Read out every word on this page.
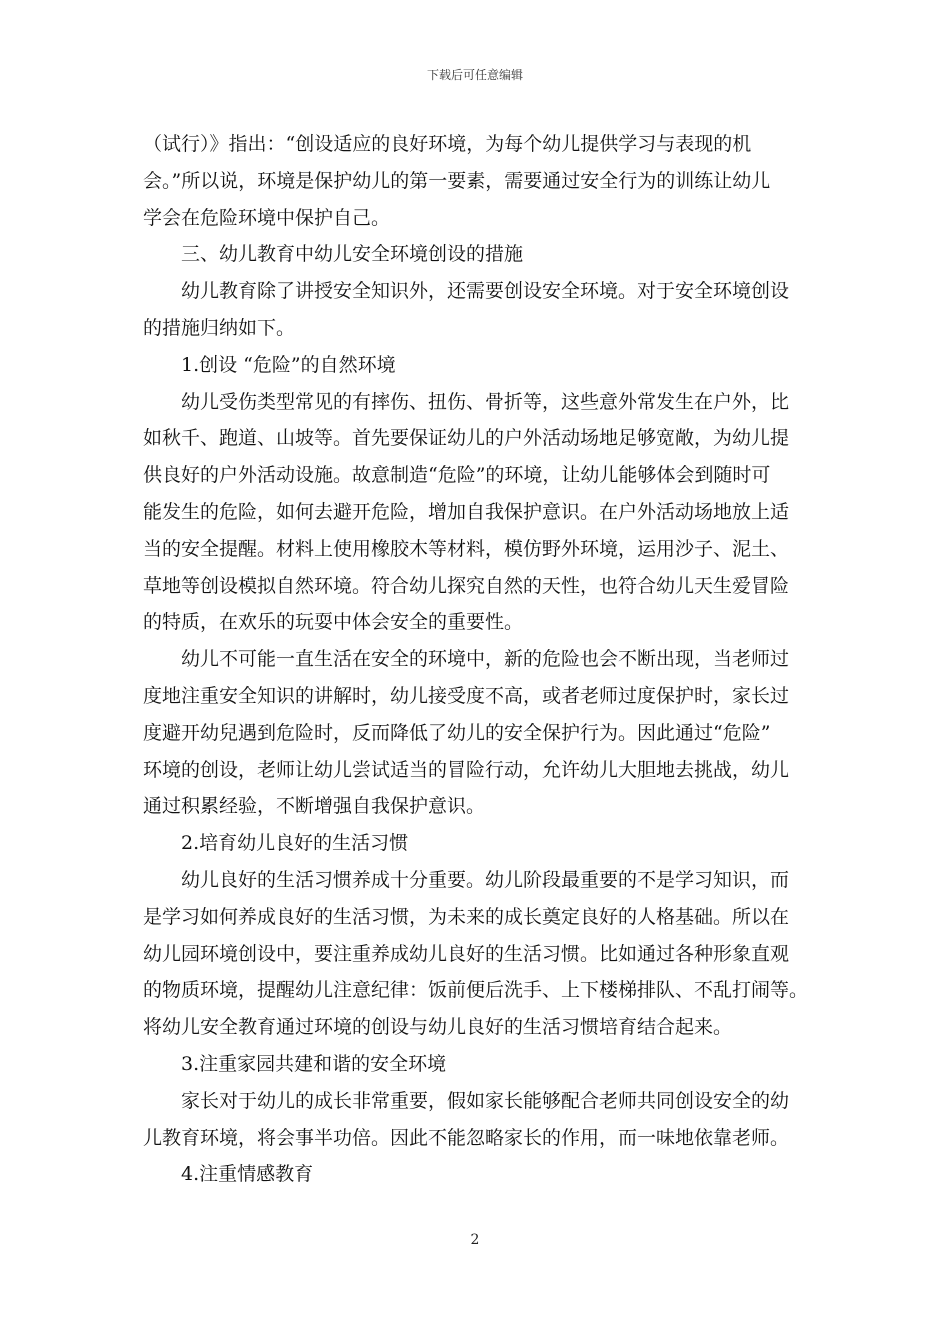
下载后可任意编辑
（试行）》指出：“创设适应的良好环境，为每个幼儿提供学习与表现的机
会。”所以说，环境是保护幼儿的第一要素，需要通过安全行为的训练让幼儿
学会在危险环境中保护自己。
三、幼儿教育中幼儿安全环境创设的措施
幼儿教育除了讲授安全知识外，还需要创设安全环境。对于安全环境创设
的措施归纳如下。
1.创设 “危险”的自然环境
幼儿受伤类型常见的有摔伤、扭伤、骨折等，这些意外常发生在户外，比
如秋千、跑道、山坡等。首先要保证幼儿的户外活动场地足够宽敞，为幼儿提
供良好的户外活动设施。故意制造“危险”的环境，让幼儿能够体会到随时可
能发生的危险，如何去避开危险，增加自我保护意识。在户外活动场地放上适
当的安全提醒。材料上使用橡胶木等材料，模仿野外环境，运用沙子、泥土、
草地等创设模拟自然环境。符合幼儿探究自然的天性，也符合幼儿天生爱冒险
的特质，在欢乐的玩耍中体会安全的重要性。
幼儿不可能一直生活在安全的环境中，新的危险也会不断出现，当老师过
度地注重安全知识的讲解时，幼儿接受度不高，或者老师过度保护时，家长过
度避开幼兒遇到危险时，反而降低了幼儿的安全保护行为。因此通过“危险”
环境的创设，老师让幼儿尝试适当的冒险行动，允许幼儿大胆地去挑战，幼儿
通过积累经验，不断增强自我保护意识。
2.培育幼儿良好的生活习惯
幼儿良好的生活习惯养成十分重要。幼儿阶段最重要的不是学习知识，而
是学习如何养成良好的生活习惯，为未来的成长奠定良好的人格基础。所以在
幼儿园环境创设中，要注重养成幼儿良好的生活习惯。比如通过各种形象直观
的物质环境，提醒幼儿注意纪律：饭前便后洗手、上下楼梯排队、不乱打闹等。
将幼儿安全教育通过环境的创设与幼儿良好的生活习惯培育结合起来。
3.注重家园共建和谐的安全环境
家长对于幼儿的成长非常重要，假如家长能够配合老师共同创设安全的幼
儿教育环境，将会事半功倍。因此不能忽略家长的作用，而一味地依靠老师。
4.注重情感教育
2
